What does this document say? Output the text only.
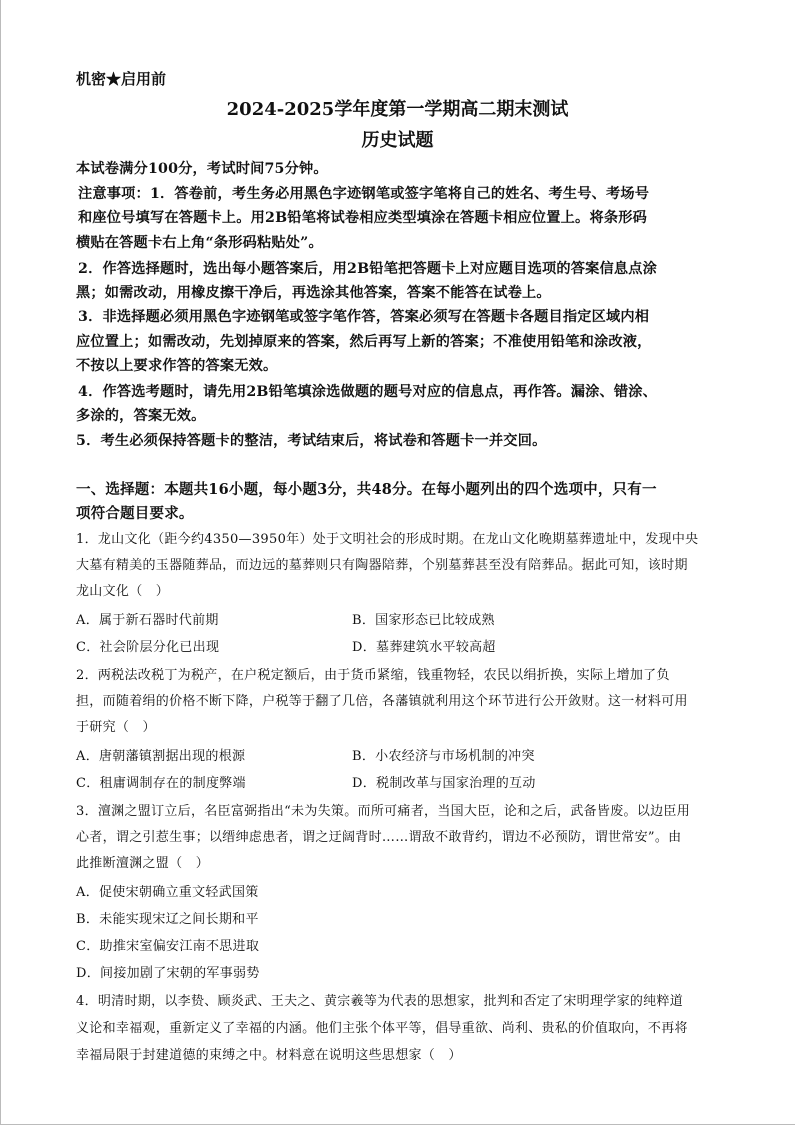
机密★启用前
2024-2025学年度第一学期高二期末测试
历史试题
本试卷满分100分，考试时间75分钟。
注意事项：1．答卷前，考生务必用黑色字迹钢笔或签字笔将自己的姓名、考生号、考场号
和座位号填写在答题卡上。用2B铅笔将试卷相应类型填涂在答题卡相应位置上。将条形码
横贴在答题卡右上角“条形码粘贴处”。
2．作答选择题时，选出每小题答案后，用2B铅笔把答题卡上对应题目选项的答案信息点涂
黑；如需改动，用橡皮擦干净后，再选涂其他答案，答案不能答在试卷上。
3．非选择题必须用黑色字迹钢笔或签字笔作答，答案必须写在答题卡各题目指定区域内相
应位置上；如需改动，先划掉原来的答案，然后再写上新的答案；不准使用铅笔和涂改液，
不按以上要求作答的答案无效。
4．作答选考题时，请先用2B铅笔填涂选做题的题号对应的信息点，再作答。漏涂、错涂、
多涂的，答案无效。
5．考生必须保持答题卡的整洁，考试结束后，将试卷和答题卡一并交回。
一、选择题：本题共16小题，每小题3分，共48分。在每小题列出的四个选项中，只有一
项符合题目要求。
1．龙山文化（距今约4350—3950年）处于文明社会的形成时期。在龙山文化晚期墓葬遗址中，发现中央
大墓有精美的玉器随葬品，而边远的墓葬则只有陶器陪葬，个别墓葬甚至没有陪葬品。据此可知，该时期
龙山文化（　）
A．属于新石器时代前期	B．国家形态已比较成熟
C．社会阶层分化已出现	D．墓葬建筑水平较高超
2．两税法改税丁为税产，在户税定额后，由于货币紧缩，钱重物轻，农民以绢折换，实际上增加了负
担，而随着绢的价格不断下降，户税等于翻了几倍，各藩镇就利用这个环节进行公开敛财。这一材料可用
于研究（　）
A．唐朝藩镇割据出现的根源	B．小农经济与市场机制的冲突
C．租庸调制存在的制度弊端	D．税制改革与国家治理的互动
3．澶渊之盟订立后，名臣富弼指出“未为失策。而所可痛者，当国大臣，论和之后，武备皆废。以边臣用
心者，谓之引惹生事；以缙绅虑患者，谓之迂阔背时……谓敌不敢背约，谓边不必预防，谓世常安”。由
此推断澶渊之盟（　）
A．促使宋朝确立重文轻武国策
B．未能实现宋辽之间长期和平
C．助推宋室偏安江南不思进取
D．间接加剧了宋朝的军事弱势
4．明清时期，以李贽、顾炎武、王夫之、黄宗羲等为代表的思想家，批判和否定了宋明理学家的纯粹道
义论和幸福观，重新定义了幸福的内涵。他们主张个体平等，倡导重欲、尚利、贵私的价值取向，不再将
幸福局限于封建道德的束缚之中。材料意在说明这些思想家（　）
